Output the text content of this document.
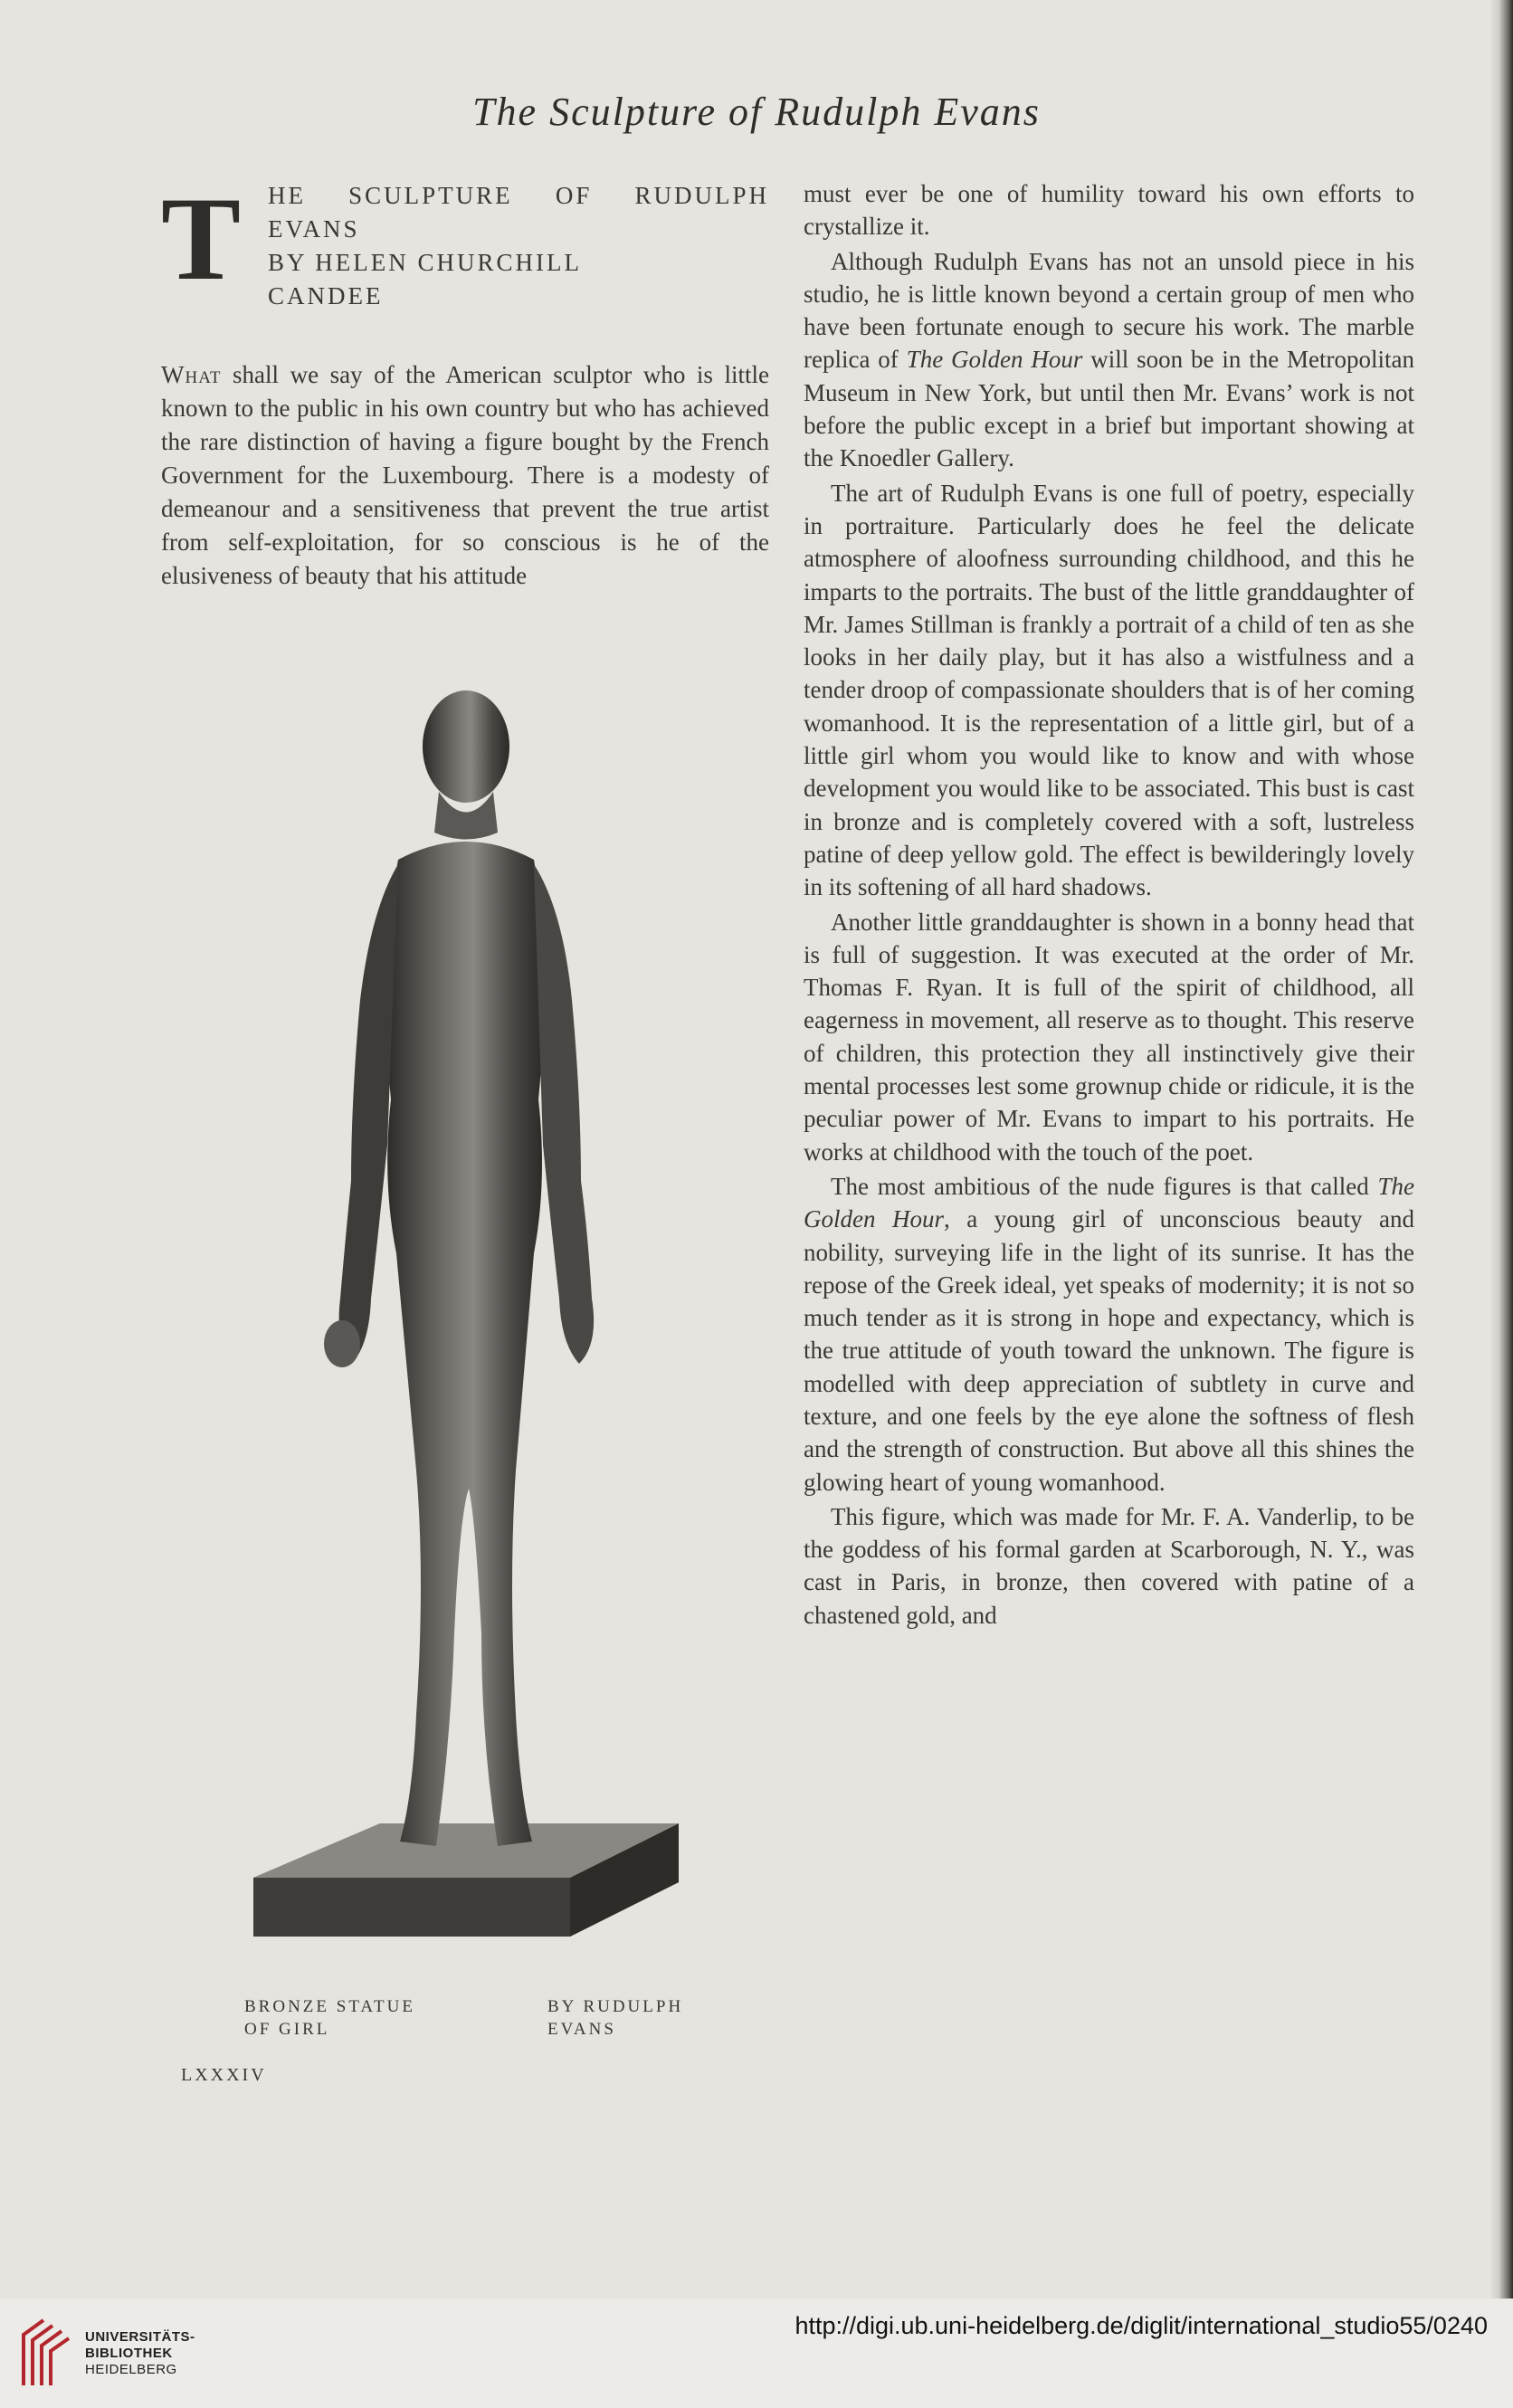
The Sculpture of Rudulph Evans
T HE SCULPTURE OF RUDULPH
EVANS
BY HELEN CHURCHILL
CANDEE

What shall we say of the American sculptor who is little known to the public in his own country but who has achieved the rare distinction of having a figure bought by the French Government for the Luxembourg. There is a modesty of demeanour and a sensitiveness that prevent the true artist from self-exploitation, for so conscious is he of the elusiveness of beauty that his attitude

BRONZE STATUE
OF GIRL
BY RUDULPH
EVANS
LXXXIV

must ever be one of humility toward his own efforts to crystallize it.

Although Rudulph Evans has not an unsold piece in his studio, he is little known beyond a certain group of men who have been fortunate enough to secure his work. The marble replica of The Golden Hour will soon be in the Metropolitan Museum in New York, but until then Mr. Evans’ work is not before the public except in a brief but important showing at the Knoedler Gallery.

The art of Rudulph Evans is one full of poetry, especially in portraiture. Particularly does he feel the delicate atmosphere of aloofness surrounding childhood, and this he imparts to the portraits. The bust of the little granddaughter of Mr. James Stillman is frankly a portrait of a child of ten as she looks in her daily play, but it has also a wistfulness and a tender droop of compassionate shoulders that is of her coming womanhood. It is the representation of a little girl, but of a little girl whom you would like to know and with whose development you would like to be associated. This bust is cast in bronze and is completely covered with a soft, lustreless patine of deep yellow gold. The effect is bewilderingly lovely in its softening of all hard shadows.

Another little granddaughter is shown in a bonny head that is full of suggestion. It was executed at the order of Mr. Thomas F. Ryan. It is full of the spirit of childhood, all eagerness in movement, all reserve as to thought. This reserve of children, this protection they all instinctively give their mental processes lest some grownup chide or ridicule, it is the peculiar power of Mr. Evans to impart to his portraits. He works at childhood with the touch of the poet.

The most ambitious of the nude figures is that called The Golden Hour, a young girl of unconscious beauty and nobility, surveying life in the light of its sunrise. It has the repose of the Greek ideal, yet speaks of modernity; it is not so much tender as it is strong in hope and expectancy, which is the true attitude of youth toward the unknown. The figure is modelled with deep appreciation of subtlety in curve and texture, and one feels by the eye alone the softness of flesh and the strength of construction. But above all this shines the glowing heart of young womanhood.

This figure, which was made for Mr. F. A. Vanderlip, to be the goddess of his formal garden at Scarborough, N. Y., was cast in Paris, in bronze, then covered with patine of a chastened gold, and

UNIVERSITÄTS-
BIBLIOTHEK
HEIDELBERG
http://digi.ub.uni-heidelberg.de/diglit/international_studio55/0240
